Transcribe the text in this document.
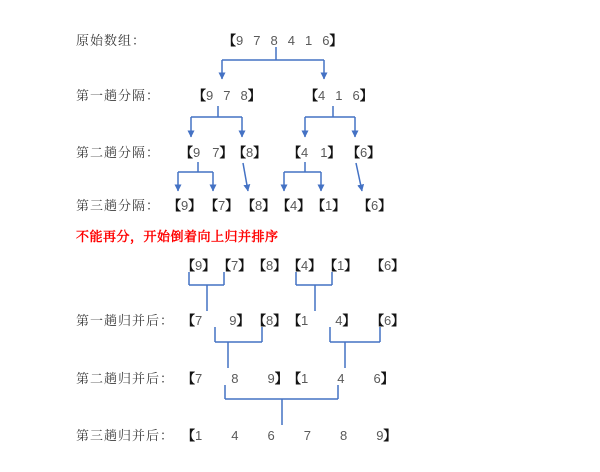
不能再分，开始倒着向上归并排序
原始数组：	【9 7 8 4 1 6】
第一趟分隔：	【9 7 8】	【4 1 6】
第二趟分隔： 【9 7】 【8】 【4 1】 【6】
第三趟分隔： 【9】 【7】 【8】 【4】 【1】 【6】
【9】 【7】 【8】 【4】 【1】 【6】
第一趟归并后： 【7 9】 【8】 【1 4】 【6】
第二趟归并后： 【7 8 9】 【1 4 6】
第三趟归并后： 【1 4 6 7 8 9】
